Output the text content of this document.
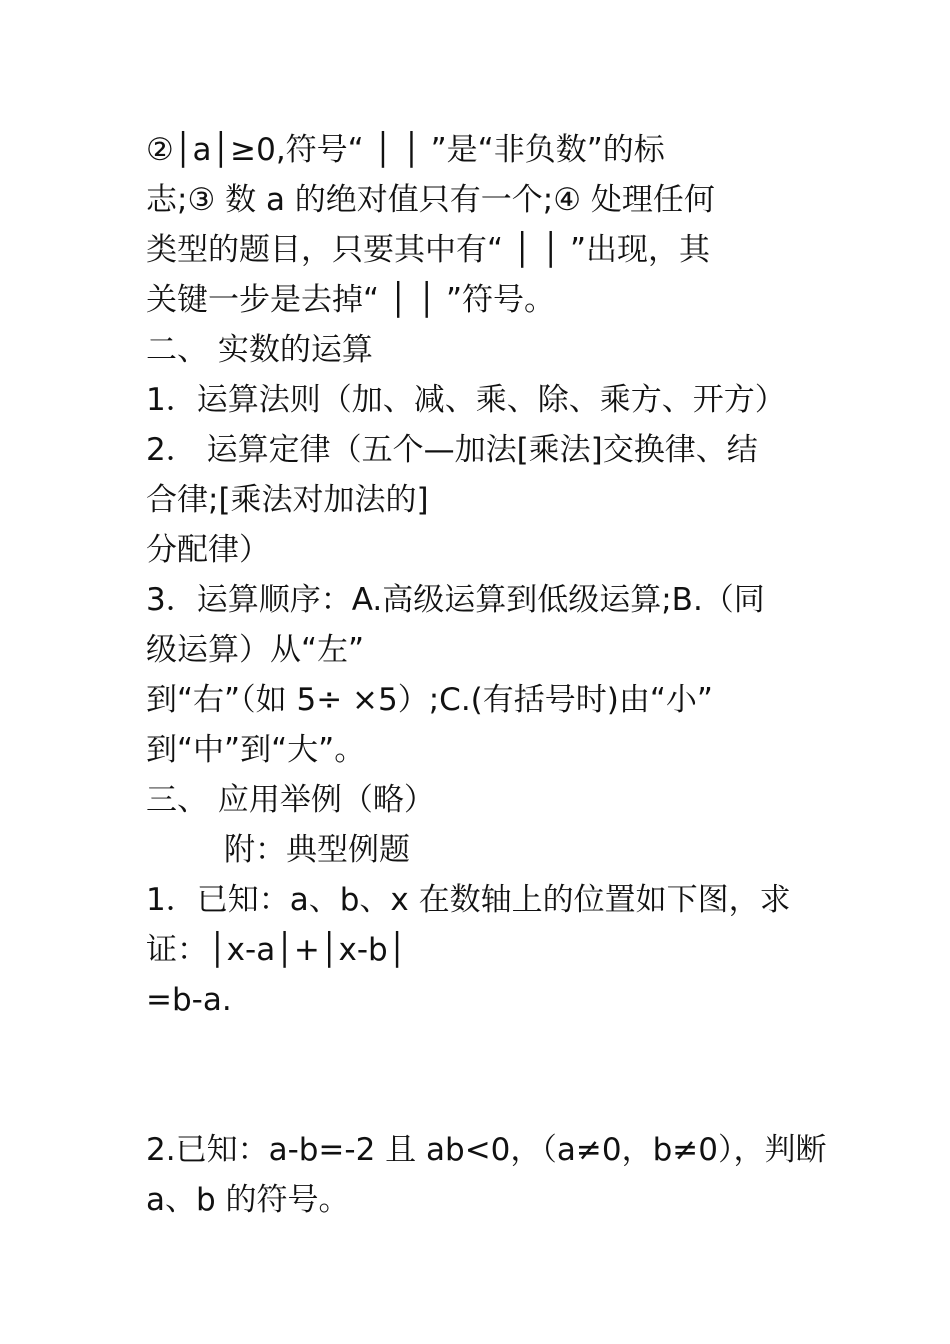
②│a│≥0,符号“ │ │ ”是“非负数”的标
志;③ 数 a 的绝对值只有一个;④ 处理任何
类型的题目，只要其中有“ │ │ ”出现，其
关键一步是去掉“ │ │ ”符号。
二、 实数的运算
1．运算法则（加、减、乘、除、乘方、开方）
2． 运算定律（五个—加法[乘法]交换律、结
合律;[乘法对加法的]
分配律）
3．运算顺序：A.高级运算到低级运算;B.（同
级运算）从“左”
到“右”（如 5÷ ×5）;C.(有括号时)由“小”
到“中”到“大”。
三、 应用举例（略）
附：典型例题
1．已知：a、b、x 在数轴上的位置如下图，求
证：│x-a│+│x-b│
=b-a.
2.已知：a-b=-2 且 ab<0，（a≠0，b≠0），判断
a、b 的符号。
